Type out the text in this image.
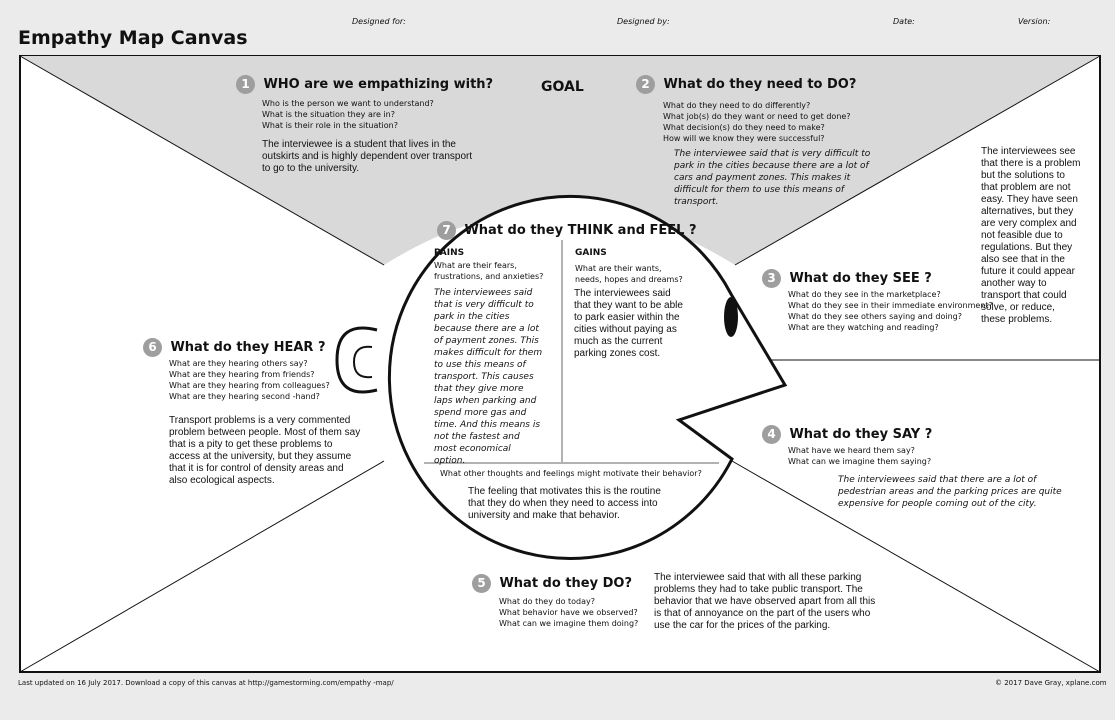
Designed for:	Designed by:	Date:	Version:
Empathy Map Canvas
GOAL
1 WHO are we empathizing with?
Who is the person we want to understand?
What is the situation they are in?
What is their role in the situation?
The interviewee is a student that lives in the outskirts and is highly dependent over transport to go to the university.
2 What do they need to DO?
What do they need to do differently?
What job(s) do they want or need to get done?
What decision(s) do they need to make?
How will we know they were successful?
The interviewee said that is very difficult to park in the cities because there are a lot of cars and payment zones. This makes it difficult for them to use this means of transport.
3 What do they SEE ?
What do they see in the marketplace?
What do they see in their immediate environment?
What do they see others saying and doing?
What are they watching and reading?
The interviewees see that there is a problem but the solutions to that problem are not easy. They have seen alternatives, but they are very complex and not feasible due to regulations. But they also see that in the future it could appear another way to transport that could solve, or reduce, these problems.
4 What do they SAY ?
What have we heard them say?
What can we imagine them saying?
The interviewees said that there are a lot of pedestrian areas and the parking prices are quite expensive for people coming out of the city.
5 What do they DO?
What do they do today?
What behavior have we observed?
What can we imagine them doing?
The interviewee said that with all these parking problems they had to take public transport. The behavior that we have observed apart from all this is that of annoyance on the part of the users who use the car for the prices of the parking.
6 What do they HEAR ?
What are they hearing others say?
What are they hearing from friends?
What are they hearing from colleagues?
What are they hearing second -hand?
Transport problems is a very commented problem between people. Most of them say that is a pity to get these problems to access at the university, but they assume that it is for control of density areas and also ecological aspects.
7 What do they THINK and FEEL ?
PAINS
What are their fears,
frustrations, and anxieties?
The interviewees said that is very difficult to park in the cities because there are a lot of payment zones. This makes difficult for them to use this means of transport. This causes that they give more laps when parking and spend more gas and time. And this means is not the fastest and most economical option.
GAINS
What are their wants,
needs, hopes and dreams?
The interviewees said that they want to be able to park easier within the cities without paying as much as the current parking zones cost.
What other thoughts and feelings might motivate their behavior?
The feeling that motivates this is the routine that they do when they need to access into university and make that behavior.
Last updated on 16 July 2017. Download a copy of this canvas at http://gamestorming.com/empathy -map/	© 2017 Dave Gray, xplane.com
